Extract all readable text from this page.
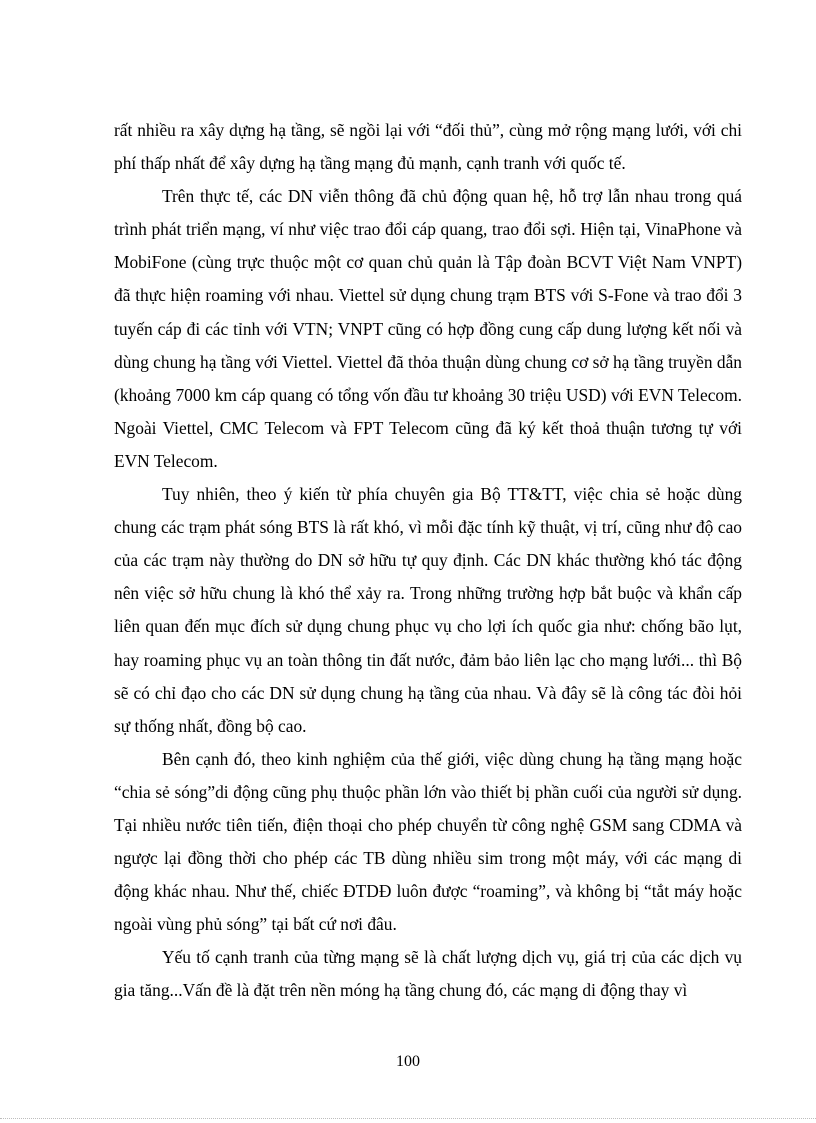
rất nhiều ra xây dựng hạ tầng, sẽ ngồi lại với “đối thủ”, cùng mở rộng mạng lưới, với chi phí thấp nhất để xây dựng hạ tầng mạng đủ mạnh, cạnh tranh với quốc tế.

Trên thực tế, các DN viễn thông đã chủ động quan hệ, hỗ trợ lẫn nhau trong quá trình phát triển mạng, ví như việc trao đổi cáp quang, trao đổi sợi. Hiện tại, VinaPhone và MobiFone (cùng trực thuộc một cơ quan chủ quản là Tập đoàn BCVT Việt Nam VNPT) đã thực hiện roaming với nhau. Viettel sử dụng chung trạm BTS với S-Fone và trao đổi 3 tuyến cáp đi các tỉnh với VTN; VNPT cũng có hợp đồng cung cấp dung lượng kết nối và dùng chung hạ tầng với Viettel. Viettel đã thỏa thuận dùng chung cơ sở hạ tầng truyền dẫn (khoảng 7000 km cáp quang có tổng vốn đầu tư khoảng 30 triệu USD) với EVN Telecom. Ngoài Viettel, CMC Telecom và FPT Telecom cũng đã ký kết thoả thuận tương tự với EVN Telecom.

Tuy nhiên, theo ý kiến từ phía chuyên gia Bộ TT&TT, việc chia sẻ hoặc dùng chung các trạm phát sóng BTS là rất khó, vì mỗi đặc tính kỹ thuật, vị trí, cũng như độ cao của các trạm này thường do DN sở hữu tự quy định. Các DN khác thường khó tác động nên việc sở hữu chung là khó thể xảy ra. Trong những trường hợp bắt buộc và khẩn cấp liên quan đến mục đích sử dụng chung phục vụ cho lợi ích quốc gia như: chống bão lụt, hay roaming phục vụ an toàn thông tin đất nước, đảm bảo liên lạc cho mạng lưới... thì Bộ sẽ có chỉ đạo cho các DN sử dụng chung hạ tầng của nhau. Và đây sẽ là công tác đòi hỏi sự thống nhất, đồng bộ cao.

Bên cạnh đó, theo kinh nghiệm của thế giới, việc dùng chung hạ tầng mạng hoặc “chia sẻ sóng”di động cũng phụ thuộc phần lớn vào thiết bị phần cuối của người sử dụng. Tại nhiều nước tiên tiến, điện thoại cho phép chuyển từ công nghệ GSM sang CDMA và ngược lại đồng thời cho phép các TB dùng nhiều sim trong một máy, với các mạng di động khác nhau. Như thế, chiếc ĐTDĐ luôn được “roaming”, và không bị “tắt máy hoặc ngoài vùng phủ sóng” tại bất cứ nơi đâu.

Yếu tố cạnh tranh của từng mạng sẽ là chất lượng dịch vụ, giá trị của các dịch vụ gia tăng...Vấn đề là đặt trên nền móng hạ tầng chung đó, các mạng di động thay vì

100
